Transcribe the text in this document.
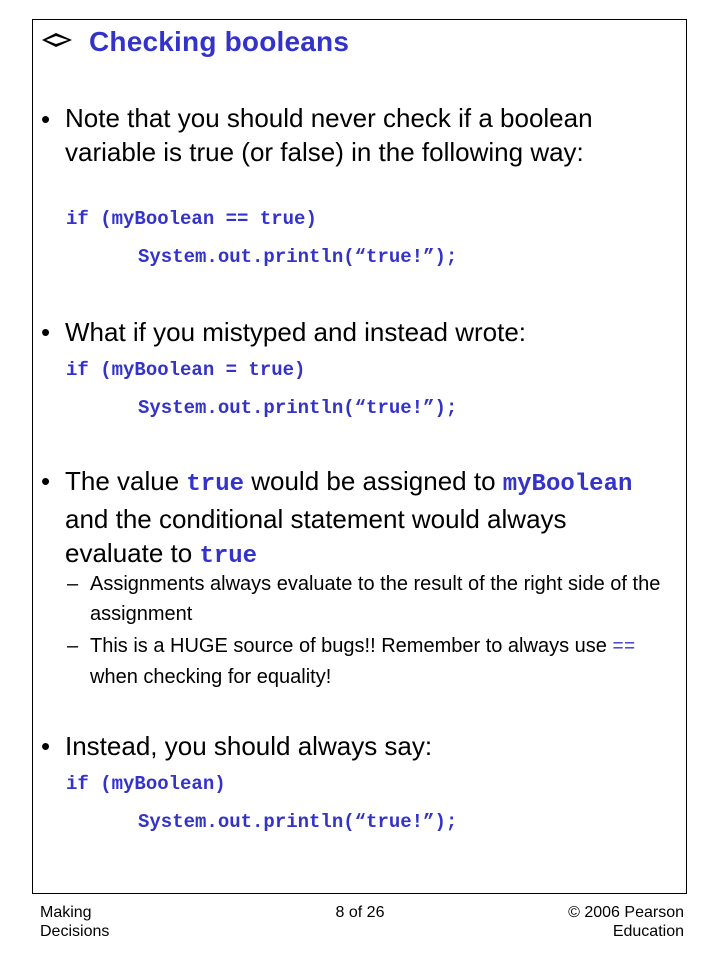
Checking booleans
• Note that you should never check if a boolean variable is true (or false) in the following way:
if (myBoolean == true)
System.out.println(“true!”);
• What if you mistyped and instead wrote:
if (myBoolean = true)
System.out.println(“true!”);
• The value true would be assigned to myBoolean and the conditional statement would always evaluate to true
– Assignments always evaluate to the result of the right side of the assignment
– This is a HUGE source of bugs!! Remember to always use == when checking for equality!
• Instead, you should always say:
if (myBoolean)
System.out.println(“true!”);
Making
Decisions
8 of 26	© 2006 Pearson
Education
